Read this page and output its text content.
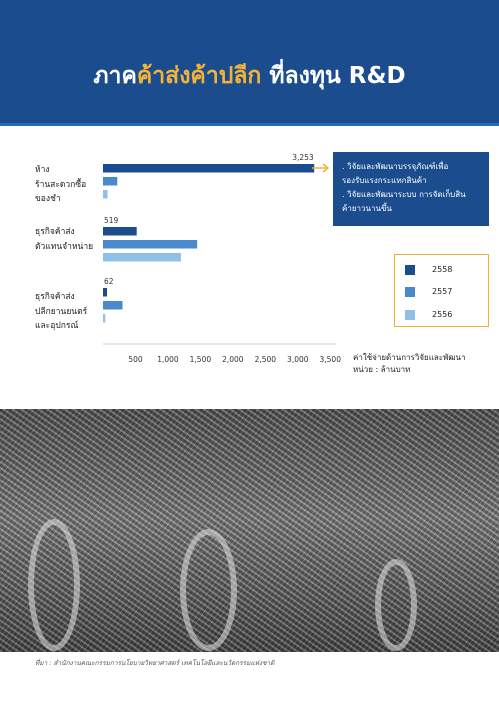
ภาคค้าส่งค้าปลีก ที่ลงทุน R&D
ห้าง
ร้านสะดวกซื้อ
ของชำ
ธุรกิจค้าส่ง
ตัวแทนจำหน่าย
ธุรกิจค้าส่ง
ปลีกยานยนตร์
และอุปกรณ์
3,253
519
62
500 1,000 1,500 2,000 2,500 3,000 3,500
. วิจัยและพัฒนาบรรจุภัณฑ์เพื่อ
รองรับแรงกระแทกสินค้า
. วิจัยและพัฒนาระบบ การจัดเก็บสิน
ค้ายาวนานขึ้น
2558
2557
2556
ค่าใช้จ่ายด้านการวิจัยและพัฒนา
หน่วย : ล้านบาท
ที่มา : สำนักงานคณะกรรมการนโยบายวิทยาศาสตร์ เทคโนโลยีและนวัตกรรมแห่งชาติ
